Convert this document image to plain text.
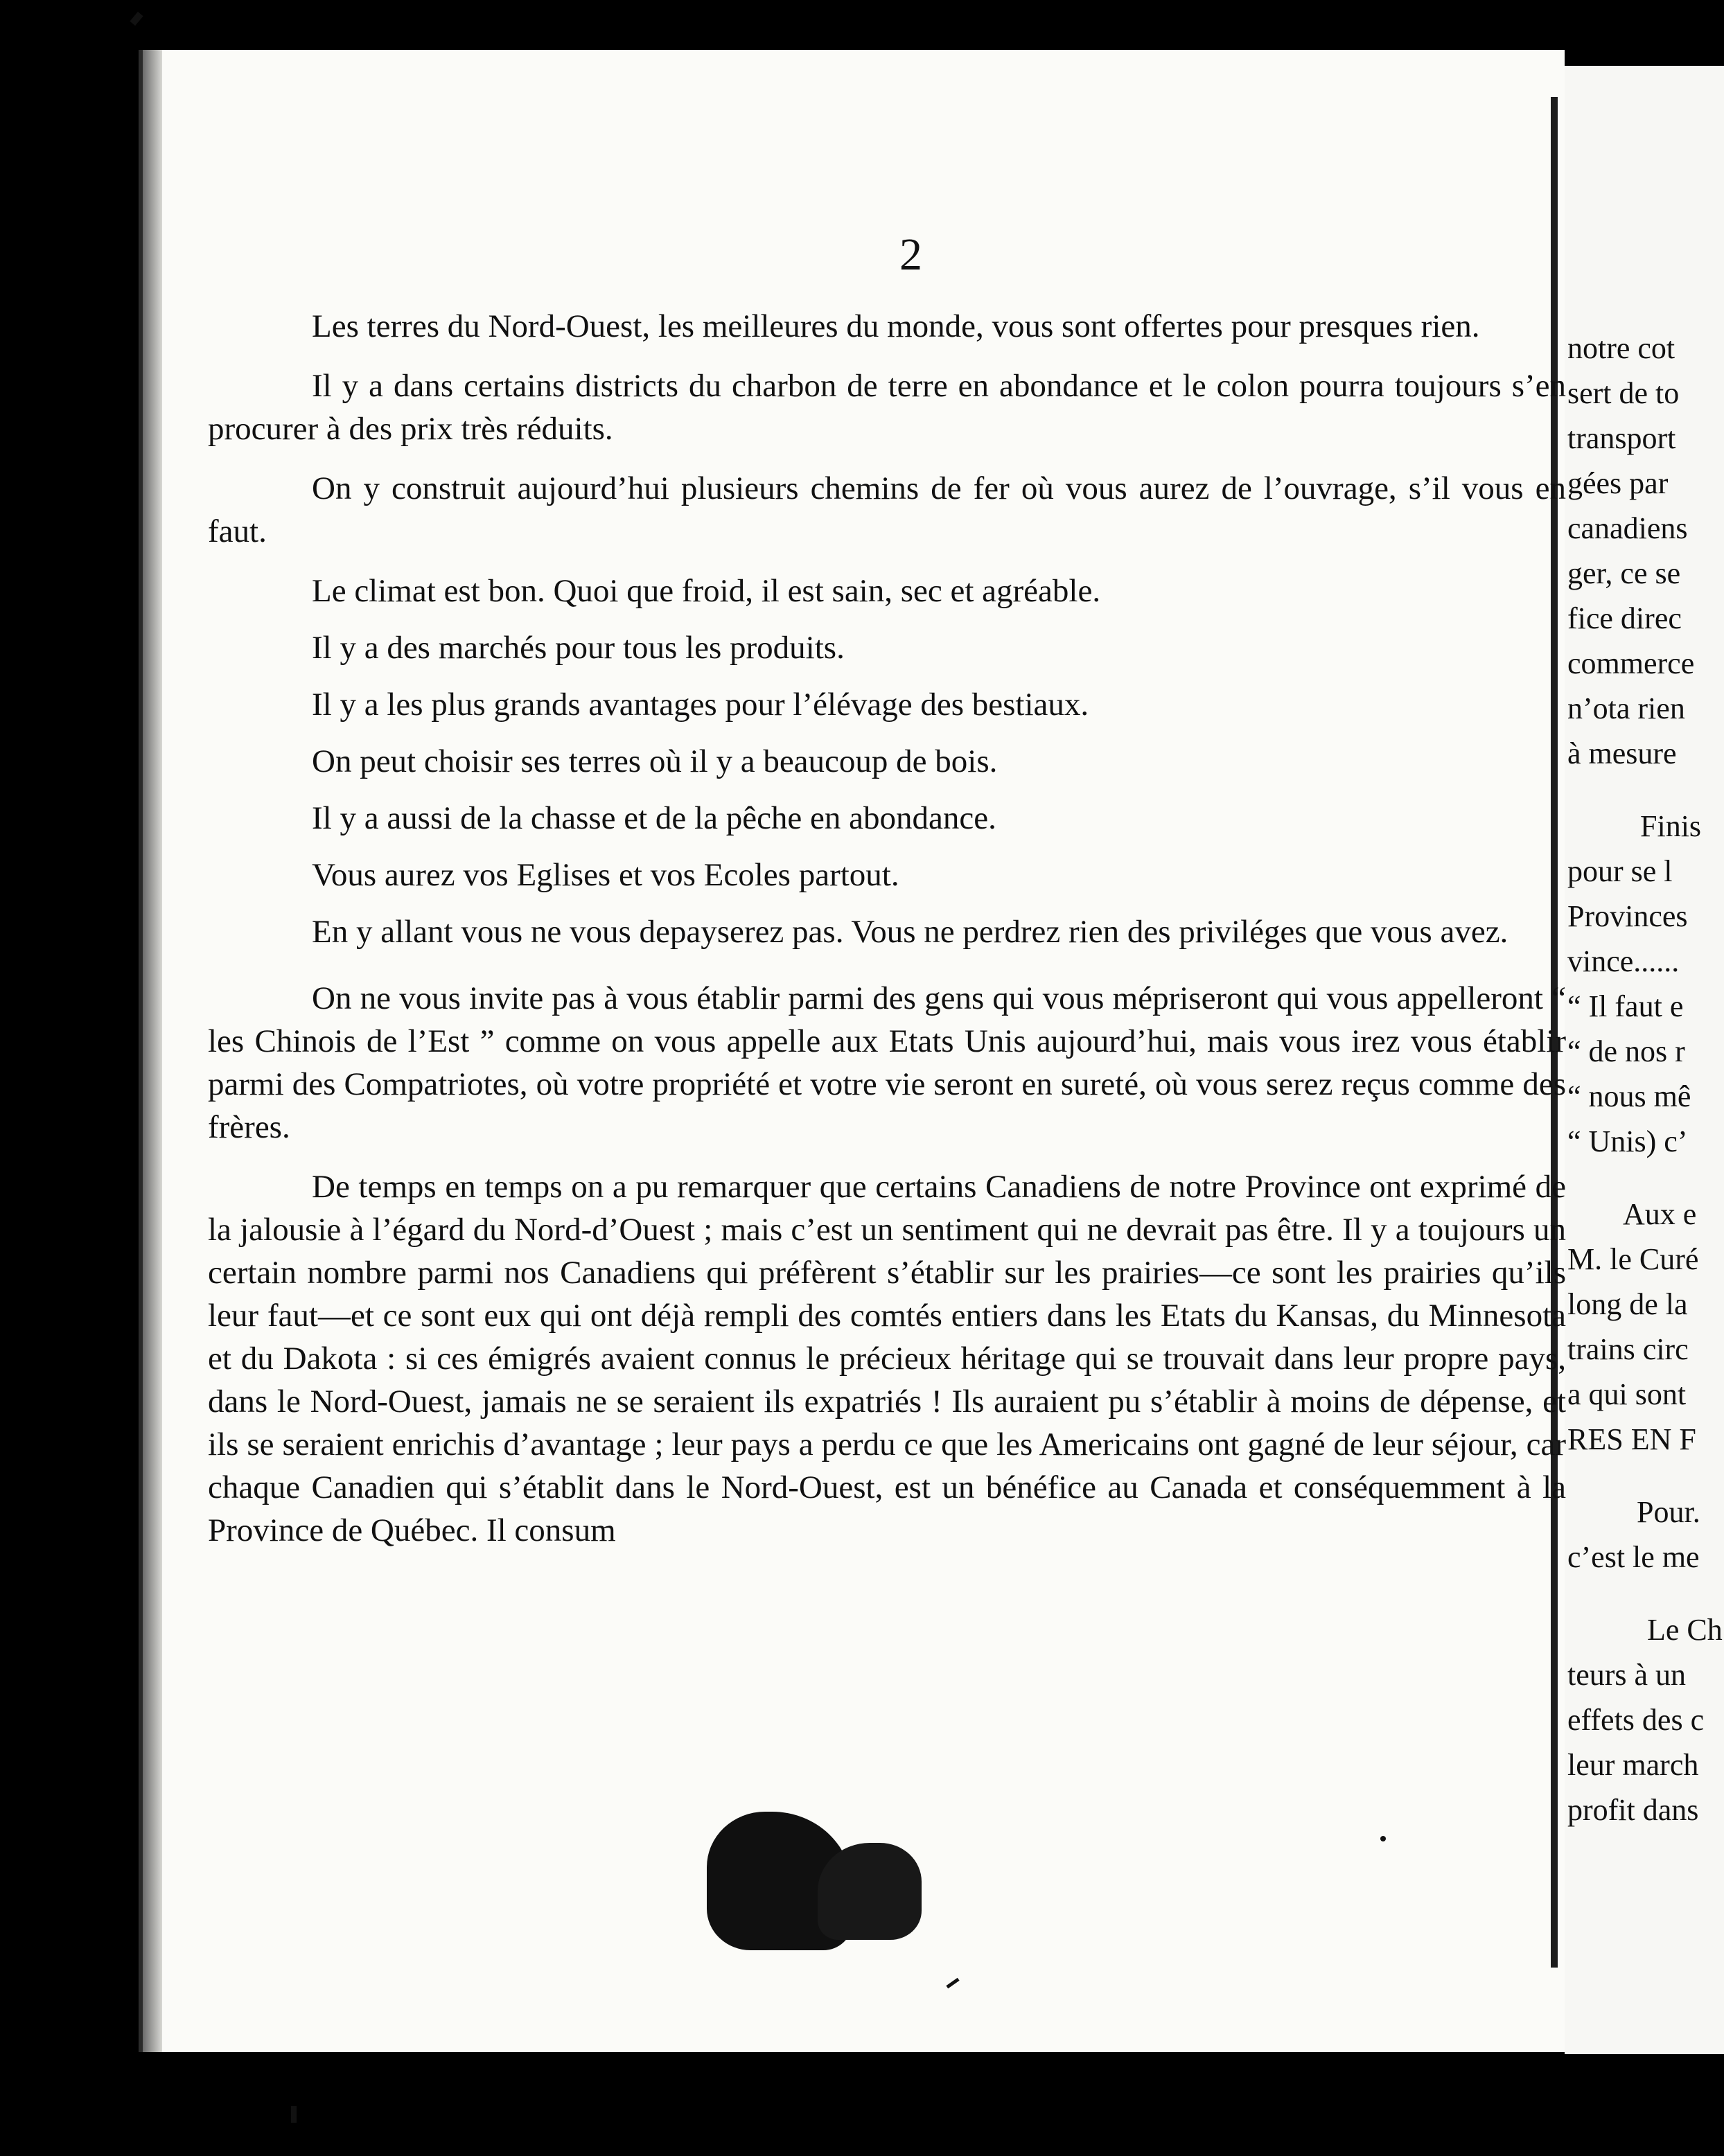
2

Les terres du Nord-Ouest, les meilleures du monde, vous sont offertes pour presques rien.

Il y a dans certains districts du charbon de terre en abondance et le colon pourra toujours s’en procurer à des prix très réduits.

On y construit aujourd’hui plusieurs chemins de fer où vous aurez de l’ouvrage, s’il vous en faut.

Le climat est bon. Quoi que froid, il est sain, sec et agréable.

Il y a des marchés pour tous les produits.

Il y a les plus grands avantages pour l’élévage des bestiaux.

On peut choisir ses terres où il y a beaucoup de bois.

Il y a aussi de la chasse et de la pêche en abondance.

Vous aurez vos Eglises et vos Ecoles partout.

En y allant vous ne vous depayserez pas. Vous ne perdrez rien des priviléges que vous avez.

On ne vous invite pas à vous établir parmi des gens qui vous mépriseront qui vous appelleront “ les Chinois de l’Est ” comme on vous appelle aux Etats Unis aujourd’hui, mais vous irez vous établir parmi des Compatriotes, où votre propriété et votre vie seront en sureté, où vous serez reçus comme des frères.

De temps en temps on a pu remarquer que certains Canadiens de notre Province ont exprimé de la jalousie à l’égard du Nord-d’Ouest ; mais c’est un sentiment qui ne devrait pas être. Il y a toujours un certain nombre parmi nos Canadiens qui préfèrent s’établir sur les prairies—ce sont les prairies qu’ils leur faut—et ce sont eux qui ont déjà rempli des comtés entiers dans les Etats du Kansas, du Minnesota et du Dakota : si ces émigrés avaient connus le précieux héritage qui se trouvait dans leur propre pays, dans le Nord-Ouest, jamais ne se seraient ils expatriés ! Ils auraient pu s’établir à moins de dépense, et ils se seraient enrichis d’avantage ; leur pays a perdu ce que les Americains ont gagné de leur séjour, car chaque Canadien qui s’établit dans le Nord-Ouest, est un bénéfice au Canada et conséquemment à la Province de Québec. Il consum

notre cot
sert de to
transport
gées par
canadiens
ger, ce se
fice direc
commerce
n’ota rien
à mesure
Finis
pour se l
Provinces
vince......
“ Il faut e
“ de nos r
“ nous mê
“ Unis) c’
Aux e
M. le Curé
long de la
trains circ
a qui sont
RES EN F
Pour.
c’est le me
Le Ch
teurs à un
effets des c
leur march
profit dans
